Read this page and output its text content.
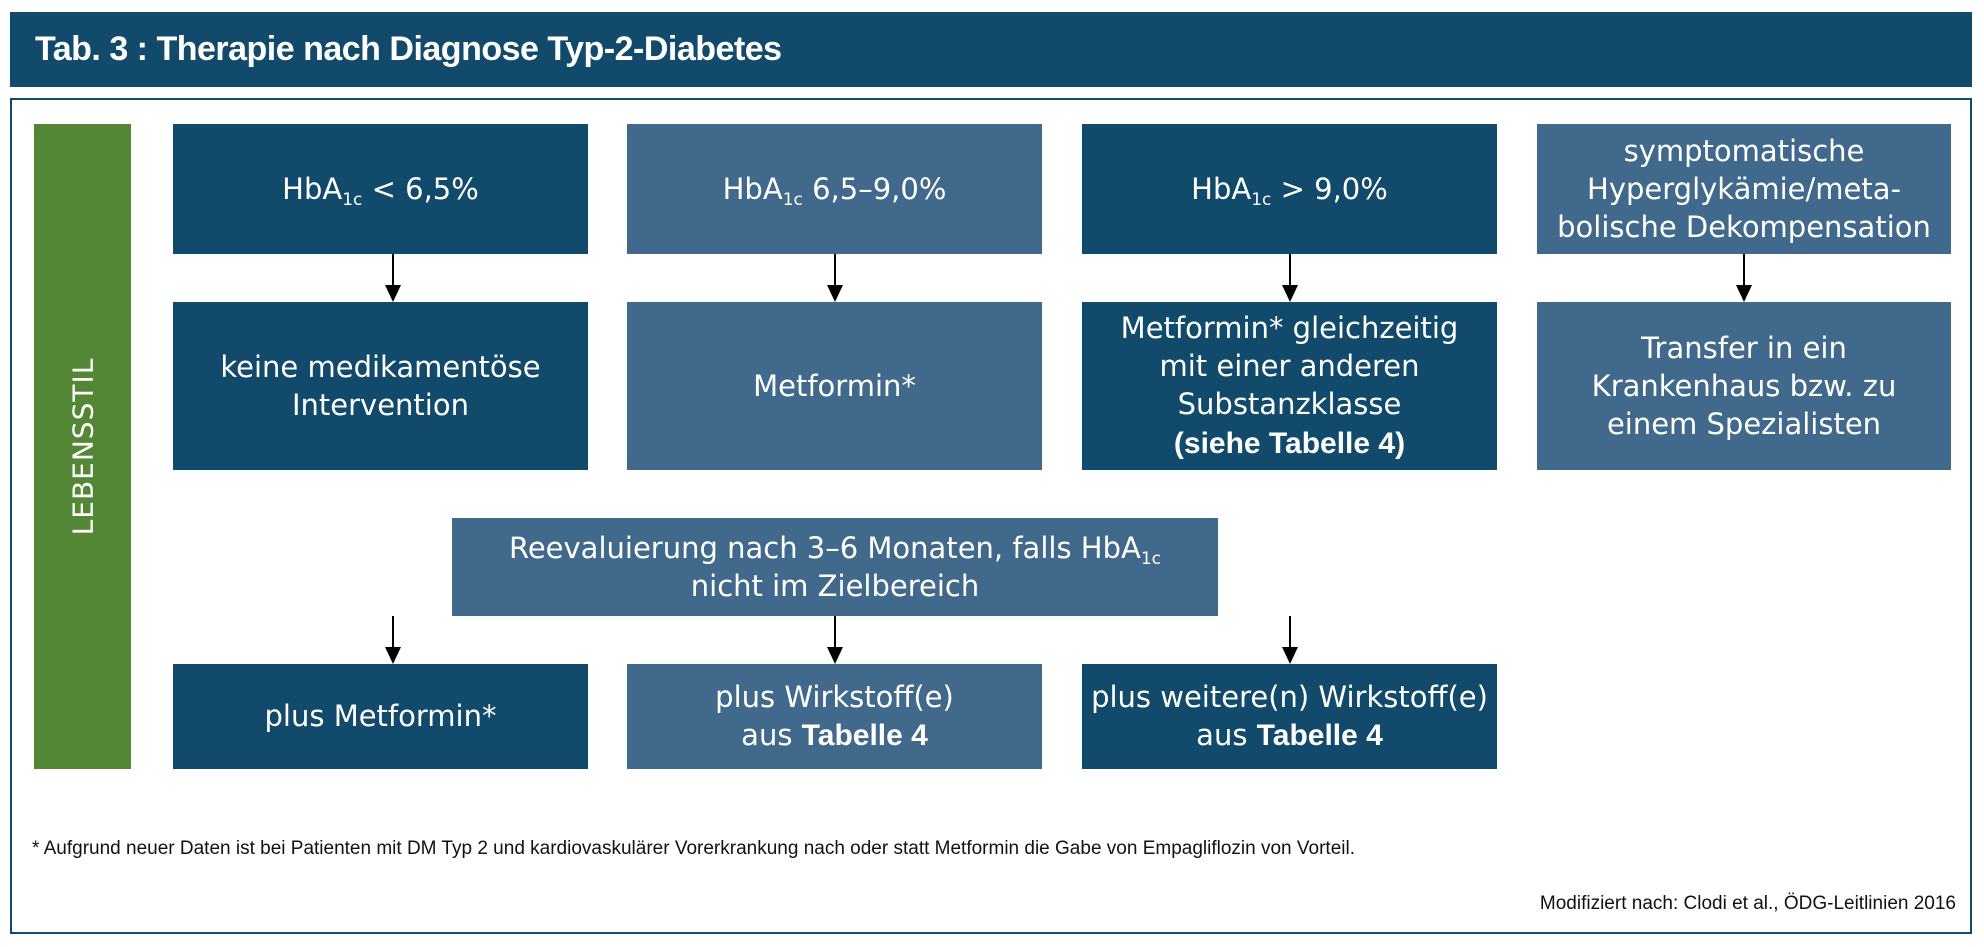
Tab. 3 : Therapie nach Diagnose Typ-2-Diabetes
LEBENSSTIL
HbA$_{1c}$ < 6,5%	HbA$_{1c}$ 6,5–9,0%	HbA$_{1c}$ > 9,0%
symptomatische
Hyperglykämie/meta-
bolische Dekompensation
keine medikamentöse
Intervention
Metformin*
Metformin* gleichzeitig
mit einer anderen
Substanzklasse
(siehe Tabelle 4)
Transfer in ein
Krankenhaus bzw. zu
einem Spezialisten
Reevaluierung nach 3–6 Monaten, falls HbA$_{1c}$
nicht im Zielbereich
plus Metformin*
plus Wirkstoff(e)
aus Tabelle 4
plus weitere(n) Wirkstoff(e)
aus Tabelle 4
* Aufgrund neuer Daten ist bei Patienten mit DM Typ 2 und kardiovaskulärer Vorerkrankung nach oder statt Metformin die Gabe von Empagliflozin von Vorteil.
Modifiziert nach: Clodi et al., ÖDG-Leitlinien 2016
